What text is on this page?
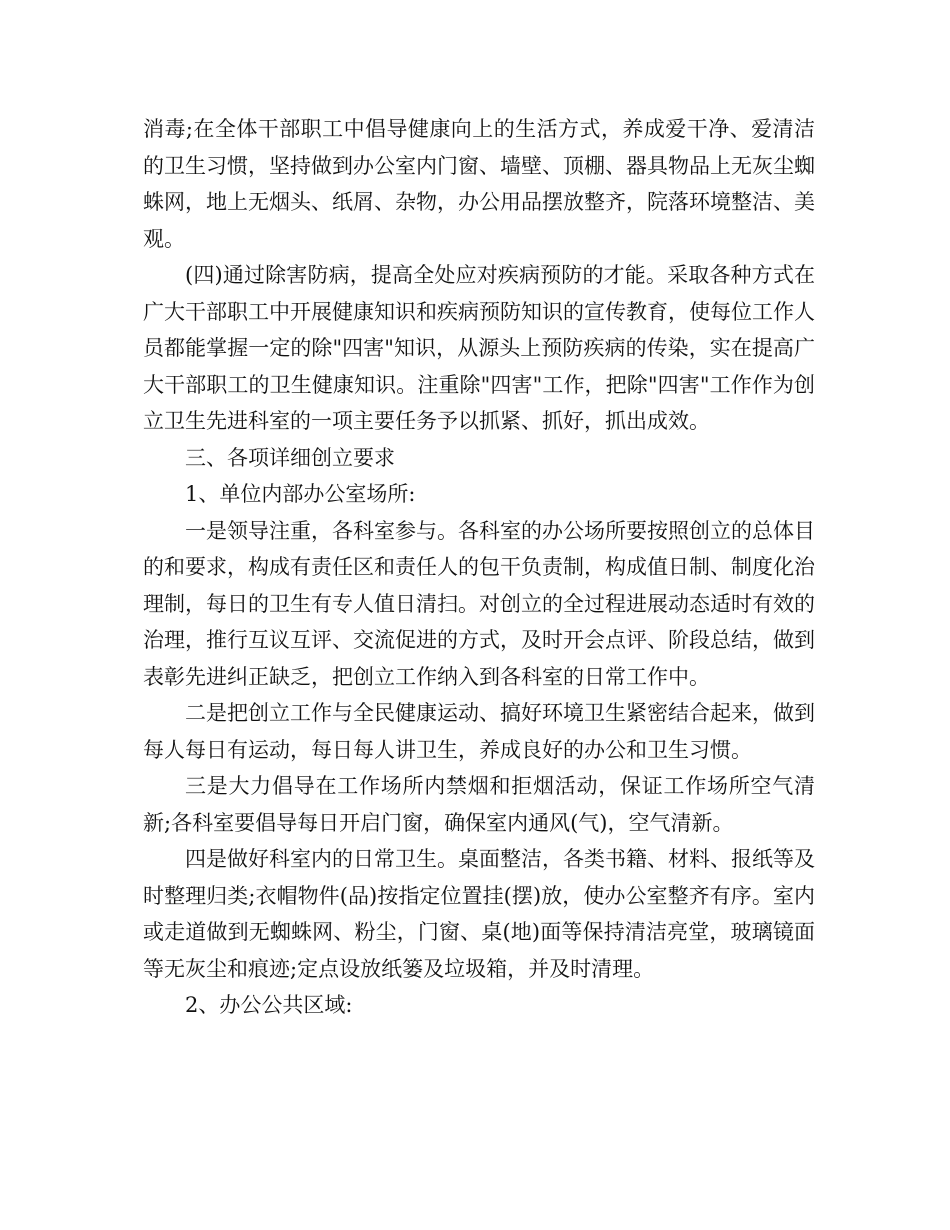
消毒;在全体干部职工中倡导健康向上的生活方式，养成爱干净、爱清洁的卫生习惯，坚持做到办公室内门窗、墙壁、顶棚、器具物品上无灰尘蜘蛛网，地上无烟头、纸屑、杂物，办公用品摆放整齐，院落环境整洁、美观。

(四)通过除害防病，提高全处应对疾病预防的才能。采取各种方式在广大干部职工中开展健康知识和疾病预防知识的宣传教育，使每位工作人员都能掌握一定的除"四害"知识，从源头上预防疾病的传染，实在提高广大干部职工的卫生健康知识。注重除"四害"工作，把除"四害"工作作为创立卫生先进科室的一项主要任务予以抓紧、抓好，抓出成效。

三、各项详细创立要求

1、单位内部办公室场所:

一是领导注重，各科室参与。各科室的办公场所要按照创立的总体目的和要求，构成有责任区和责任人的包干负责制，构成值日制、制度化治理制，每日的卫生有专人值日清扫。对创立的全过程进展动态适时有效的治理，推行互议互评、交流促进的方式，及时开会点评、阶段总结，做到表彰先进纠正缺乏，把创立工作纳入到各科室的日常工作中。

二是把创立工作与全民健康运动、搞好环境卫生紧密结合起来，做到每人每日有运动，每日每人讲卫生，养成良好的办公和卫生习惯。

三是大力倡导在工作场所内禁烟和拒烟活动，保证工作场所空气清新;各科室要倡导每日开启门窗，确保室内通风(气)，空气清新。

四是做好科室内的日常卫生。桌面整洁，各类书籍、材料、报纸等及时整理归类;衣帽物件(品)按指定位置挂(摆)放，使办公室整齐有序。室内或走道做到无蜘蛛网、粉尘，门窗、桌(地)面等保持清洁亮堂，玻璃镜面等无灰尘和痕迹;定点设放纸篓及垃圾箱，并及时清理。

2、办公公共区域:
